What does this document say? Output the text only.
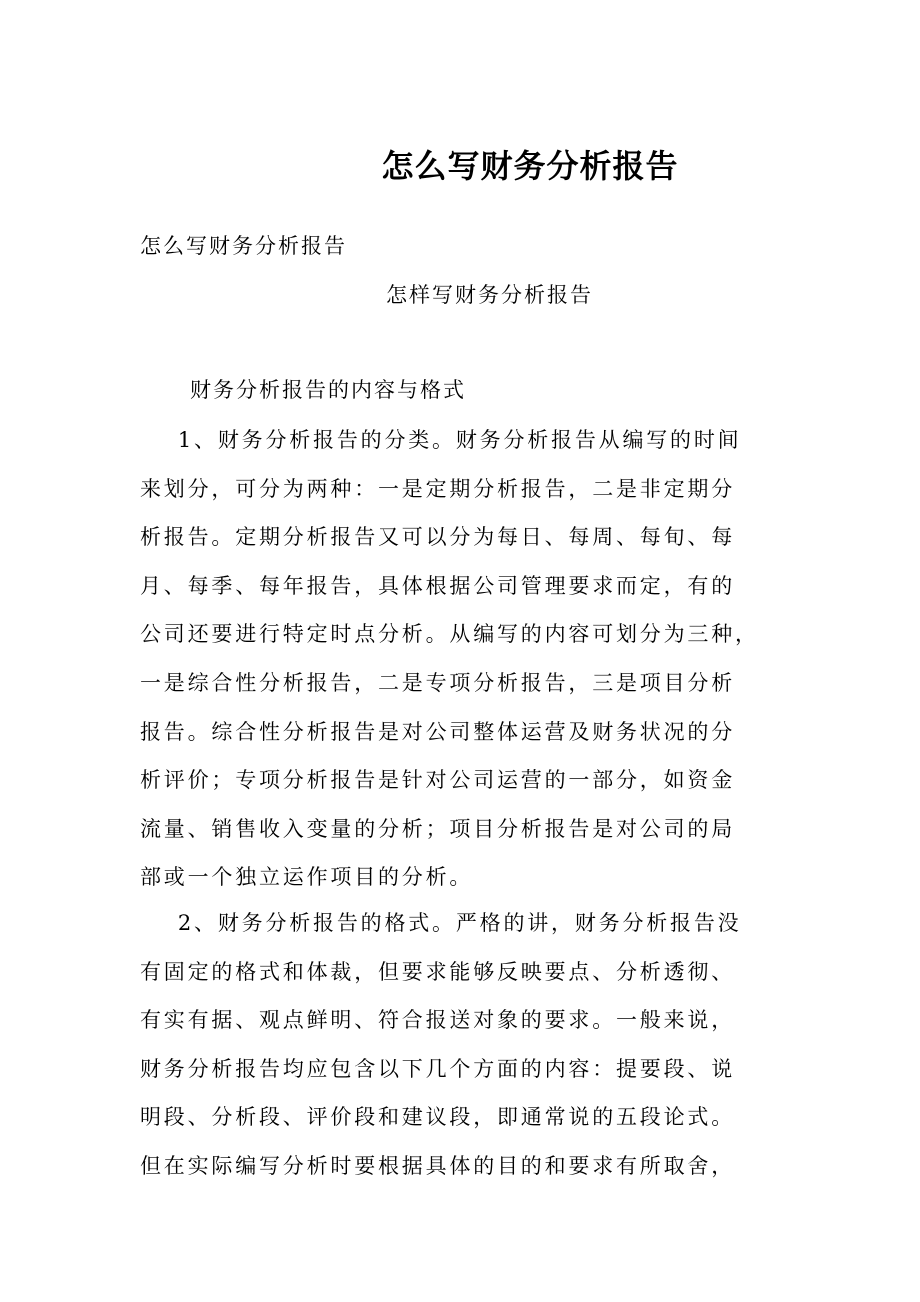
怎么写财务分析报告
怎么写财务分析报告
怎样写财务分析报告
财务分析报告的内容与格式
1、财务分析报告的分类。财务分析报告从编写的时间
来划分，可分为两种：一是定期分析报告，二是非定期分
析报告。定期分析报告又可以分为每日、每周、每旬、每
月、每季、每年报告，具体根据公司管理要求而定，有的
公司还要进行特定时点分析。从编写的内容可划分为三种，
一是综合性分析报告，二是专项分析报告，三是项目分析
报告。综合性分析报告是对公司整体运营及财务状况的分
析评价；专项分析报告是针对公司运营的一部分，如资金
流量、销售收入变量的分析；项目分析报告是对公司的局
部或一个独立运作项目的分析。
2、财务分析报告的格式。严格的讲，财务分析报告没
有固定的格式和体裁，但要求能够反映要点、分析透彻、
有实有据、观点鲜明、符合报送对象的要求。一般来说，
财务分析报告均应包含以下几个方面的内容：提要段、说
明段、分析段、评价段和建议段，即通常说的五段论式。
但在实际编写分析时要根据具体的目的和要求有所取舍，
